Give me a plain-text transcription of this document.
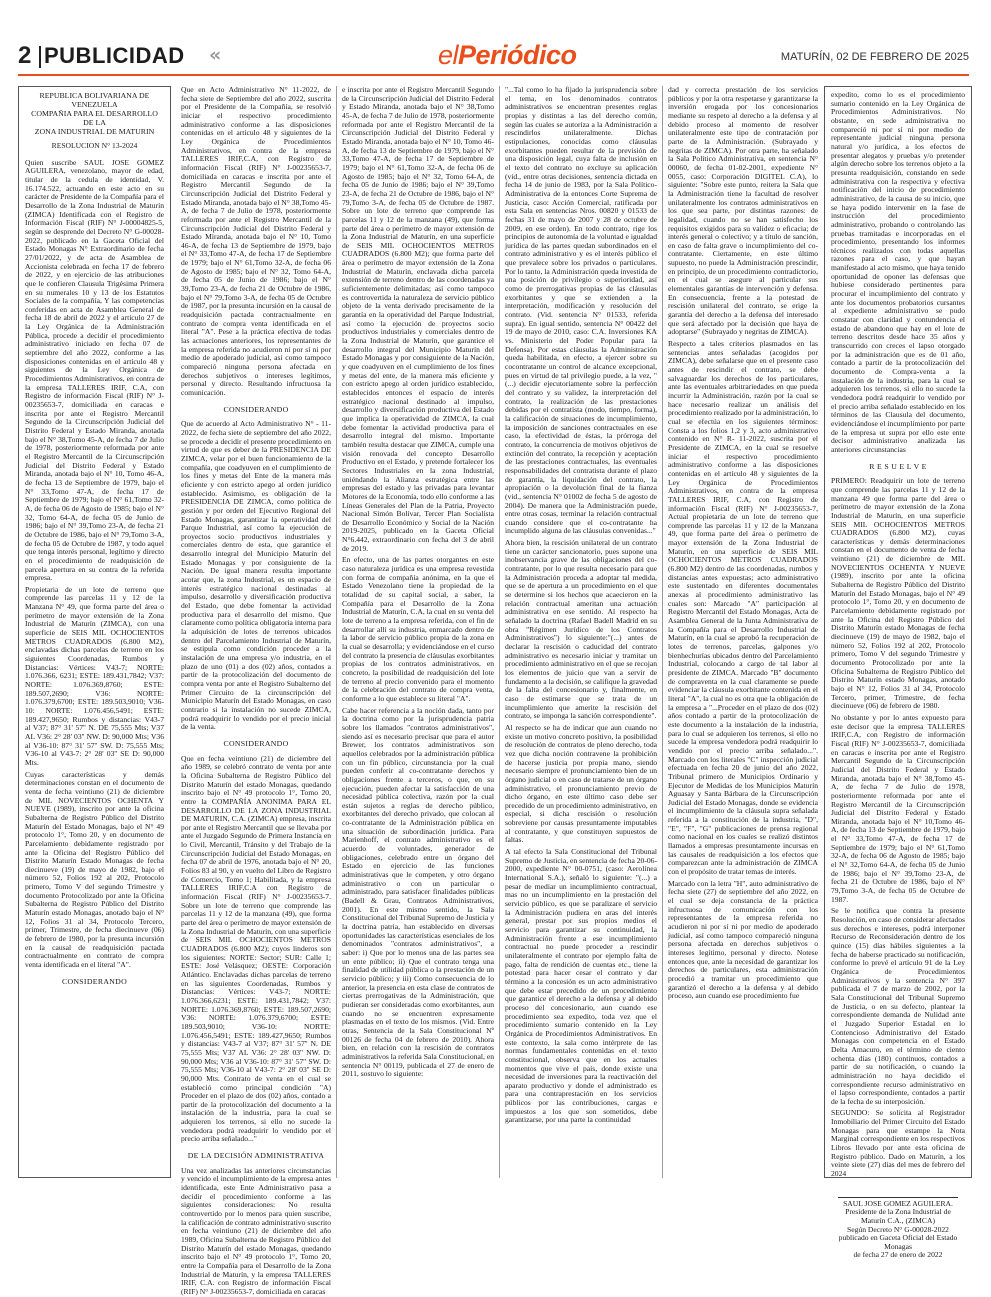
2 PUBLICIDAD «	elPeriódico	MATURÍN, 02 DE FEBRERO DE 2025
REPUBLICA BOLIVARIANA DE
VENEZUELA
COMPAÑIA PARA EL DESARROLLO
DE LA
ZONA INDUSTRIAL DE MATURIN
RESOLUCION N° 13-2024

Quien suscribe SAUL JOSE GOMEZ AGUILERA, venezolano, mayor de edad, titular de la cedula de identidad, V. 16.174.522, actuando en este acto en su carácter de Presidente de la Compañía para el Desarrollo de la Zona Industrial de Maturín (ZIMCA) Identificada con el Registro de Información Fiscal (RIF) N° J-00004825-5, según se desprende del Decreto N° G-00028-2022, publicado en la Gaceta Oficial del Estado Monagas N° Extraordinario de fecha 27/01/2022, y de acta de Asamblea de Accionista celebrada en fecha 17 de febrero de 2022, y en ejercicio de las atribuciones que le confieren Clausula Trigésima Primera en su numerales 10 y 13 de los Estatutos Sociales de la compañía, Y las competencias conferidas en acta de Asamblea General de fecha 18 de abril de 2022 y el artículo 27 de la Ley Orgánica de la Administración Pública, procede a decidir el procedimiento administrativo iniciado en fecha 07 de septiembre del año 2022, conforme a las disposiciones contenidas en el artículo 48 y siguientes de la Ley Orgánica de Procedimientos Administrativos, en contra de la empresa TALLERES IRIF, C.A, con Registro de información Fiscal (RIF) N° J-00235653-7, domiciliada en caracas e inscrita por ante el Registro Mercantil Segundo de la Circunscripción Judicial del Distrito Federal y Estado Miranda, anotada bajo el N° 38,Tomo 45-A, de fecha 7 de Julio de 1978, posteriormente reformada por ante el Registro Mercantil de la Circunscripción Judicial del Distrito Federal y Estado Miranda, anotada bajo el N° 10, Tomo 46-A, de fecha 13 de Septiembre de 1979, bajo el N° 33,Tomo 47-A, de fecha 17 de Septiembre de 1979; bajo el N° 61,Tomo 32-A, de fecha 06 de Agosto de 1985; bajo el N° 32, Tomo 64-A, de fecha 05 de Junio de 1986; bajo el N° 39,Tomo 23-A, de fecha 21 de Octubre de 1986, bajo el N° 79,Tomo 3-A, de fecha 05 de Octubre de 1987, y todo aquel que tenga interés personal, legítimo y directo en el procedimiento de readquisición de parcela apertura en su contra de la referida empresa.

Propietaria de un lote de terreno que comprende las parcelas 11 y 12 de la Manzana N° 49, que forma parte del área o perímetro de mayor extensión de la Zona Industrial de Maturín (ZIMCA), con una superficie de SEIS MIL OCHOCIENTOS METROS CUADRADOS (6.800 M2), enclavadas dichas parcelas de terreno en los siguientes Coordenadas, Rumbos y Distancias: Vértices: V43-7; NORTE: 1.076.366, 6231; ESTE: 189.431,7842; V37: NORTE: 1.076.369,8760; ESTE: 189.507,2690; V36: NORTE: 1.076.379,6700; ESTE: 189.503,9010; V36-10: NORTE: 1.076.456,5491; ESTE: 189.427,9650; Rumbos y distancias: V43-7 al V37; 87° 31' 57'' N. DE 75,555 Mts; V37 AL V36: 2° 28' 03'' NW. D: 90,000 Mts; V36 al V36-10: 87° 31' 57'' SW. D: 75,555 Mts; V36-10 al V43-7: 2° 28' 03'' SE D: 90,000 Mts.

Cuyas características y demás determinaciones constan en el documento de venta de fecha veintiuno (21) de diciembre de MIL NOVECIENTOS OCHENTA Y NUEVE (1989), inscrito por ante la oficina Subalterna de Registro Público del Distrito Maturín del Estado Monagas, bajo el N° 49 protocolo 1°, Tomo 20, y en documento de Parcelamiento debidamente registrado por ante la Oficina del Registro Público del Distrito Maturín Estado Monagas de fecha diecinueve (19) de mayo de 1982, bajo el número 52, Folios 192 al 202, Protocolo primero, Tomo V del segundo Trimestre y documento Protocolizado por ante la Oficina Subalterna de Registro Público del Distrito Maturín estado Monagas, anotado bajo el N° 12, Folios 31 al 34, Protocolo Tercero, primer, Trimestre, de fecha diecinueve (06) de febrero de 1980, por la presunta incursión en la causal de readquisición pactada contractualmente en contrato de compra venta identificada en el literal "A".

CONSIDERANDO

Que en Acto Administrativo N° 11-2022, de fecha siete de Septiembre del año 2022, suscrita por el Presidente de la Compañía, se resolvió iniciar el respectivo procedimiento administrativo conforme a las disposiciones contenidas en el artículo 48 y siguientes de la Ley Orgánica de Procedimientos Administrativos, en contra de la empresa TALLERES IRIF,C.A, con Registro de información Fiscal (RIF) N° J-00235653-7, domiciliada en caracas e inscrita por ante el Registro Mercantil Segundo de la Circunscripción Judicial del Distrito Federal y Estado Miranda, anotada bajo el N° 38,Tomo 45-A, de fecha 7 de Julio de 1978, posteriormente reformada por ante el Registro Mercantil de la Circunscripción Judicial del Distrito Federal y Estado Miranda, anotada bajo el N° 10, Tomo 46-A, de fecha 13 de Septiembre de 1979, bajo el N° 33,Tomo 47-A, de fecha 17 de Septiembre de 1979; bajo el N° 61,Tomo 32-A, de fecha 06 de Agosto de 1985; bajo el N° 32, Tomo 64-A, de fecha 05 de Junio de 1986; bajo el N° 39,Tomo 23-A, de fecha 21 de Octubre de 1986, bajo el N° 79,Tomo 3-A, de fecha 05 de Octubre de 1987, por la presunta incursión en la causal de readquisición pactada contractualmente en contrato de compra venta identificada en el literal "A". Pese a la práctica efectiva de todas las actuaciones anteriores, los representantes de la empresa referida no acudieron ni por sí ni por medio de apoderado judicial, así como tampoco compareció ninguna persona afectada en derechos subjetivos o intereses legítimos, personal y directo. Resultando infructuosa la comunicación.

CONSIDERANDO

Que de acuerdo al Acto Administrativo N° - 11-2022, de fecha siete de septiembre del año 2022, se procede a decidir el presente procedimiento en virtud de que es deber de la PRESIDENCIA DE ZIMCA, velar por el buen funcionamiento de la compañía, que coadyuven en el cumplimiento de los fines y metas del Ente de la manera más eficiente y con estricto apego al orden jurídico establecido. Asimismo, es obligación de la PRESIDENCIA DE ZIMCA, como política de gestión y por orden del Ejecutivo Regional del Estado Monagas, garantizar la operatividad del Parque Industrial, así como la ejecución de proyectos socio productivos industriales y comerciales dentro de esta, que garantice el desarrollo integral del Municipio Maturín del Estado Monagas y por consiguiente de la Nación. De igual manera resulta importante acotar que, la zona Industrial, es un espacio de interés estratégico nacional destinadas al impulso, desarrollo y diversificación productiva del Estado, que debe fomentar la actividad productiva para el desarrollo del mismo. Que claramente como política obligatoria interna para la adquisición de lotes de terrenos ubicados dentro del Parcelamiento Industrial de Maturín, se estipula como condición proceder a la instalación de una empresa y/o industria, en el plazo de uno (01) a dos (02) años, contados a partir de la protocolización del documento de compra venta por ante el Registro Subalterno del Primer Circuito de la circunscripción del Municipio Maturín del Estado Monagas, en caso contrario si la instalación no sucede ZIMCA, podrá readquirir lo vendido por el precio inicial de la venta.

CONSIDERANDO

Que en fecha veintiuno (21) de diciembre del año 1989, se celebró contrato de venta por ante la Oficina Subalterna de Registro Público del Distrito Maturín del estado Monagas, quedando inscrito bajo el N° 49 protocolo 1°, Tomo 20, entre la COMPAÑÍA ANONIMA PARA EL DESARROLLO DE LA ZONA INDUSTRIAL DE MATURIN, C.A. (ZIMCA) empresa, inscrita por ante el Registro Mercantil que se llevaba por ante el Juzgado Segundo de Primera Instancia en lo Civil, Mercantil, Tránsito y del Trabajo de la Circunscripción Judicial del Estado Monagas, en fecha 07 de abril de 1976, anotada bajo el N° 20, Folios 83 al 90, y en vuelto del Libro de Registro de Comercio, Tomo 1; Habilitada, y la empresa TALLERES IRIF,C.A con Registro de información Fiscal (RIF) N° J-00235653-7. Sobre un lote de terreno que comprende las parcelas 11 y 12 de la manzana (49), que forma parte del área o perímetro de mayor extensión de la Zona Industrial de Maturín, con una superficie de SEIS MIL OCHOCIENTOS METROS CUADRADOS (6.800 M2); cuyos linderos son los siguientes: NORTE: Sector; SUR: Calle 1; ESTE: José Velásquez; OESTE: Corporación Atlántico. Enclavadas dichas parcelas de terreno en las siguientes Coordenadas, Rumbos y Distancias: Vértices: V43-7; NORTE: 1.076.366,6231; ESTE: 189.431,7842; V37: NORTE: 1.076.369,8760; ESTE: 189.507,2690; V36: NORTE: 1.076.379,6700; ESTE: 189.503,9010; V36-10: NORTE: 1.076.456,5491; ESTE: 189.427,9650; Rumbos y distancias: V43-7 al V37; 87° 31' 57'' N. DE 75,555 Mts; V37 AL V36: 2° 28' 03'' NW. D: 90,000 Mts; V36 al V36-10: 87° 31' 57'' SW. D: 75,555 Mts; V36-10 al V43-7: 2° 28' 03'' SE D: 90,000 Mts. Contrato de venta en el cual se estableció como principal condición "A) Proceder en el plazo de dos (02) años, contado a partir de la protocolización del documento a la instalación de la industria, para la cual se adquieren los terrenos, si ello no sucede la vendedora podrá readquirir lo vendido por el precio arriba señalado..."

DE LA DECISIÓN ADMINISTRATIVA

Una vez analizadas las anteriores circunstancias y vencido el incumplimiento de la empresa antes identificada, este Ente Administrativo pasa a decidir el procedimiento conforme a las siguientes consideraciones: No resulta controvertido por lo menos para quien suscribe, la calificación de contrato administrativo suscrito en fecha veintiuno (21) de diciembre del año 1989, Oficina Subalterna de Registro Público del Distrito Maturín del estado Monagas, quedando inscrito bajo el N° 49 protocolo 1°, Tomo 20, entre la Compañía para el Desarrollo de la Zona Industrial de Maturín, y la empresa TALLERES IRIF, C.A. con Registro de información Fiscal (RIF) N° J-00235653-7, domiciliada en caracas

e inscrita por ante el Registro Mercantil Segundo de la Circunscripción Judicial del Distrito Federal y Estado Miranda, anotada bajo el N° 38,Tomo 45-A, de fecha 7 de Julio de 1978, posteriormente reformada por ante el Registro Mercantil de la Circunscripción Judicial del Distrito Federal y Estado Miranda, anotada bajo el N° 10, Tomo 46-A, de fecha 13 de Septiembre de 1979, bajo el N° 33,Tomo 47-A, de fecha 17 de Septiembre de 1979; bajo el N° 61,Tomo 32-A, de fecha 06 de Agosto de 1985; bajo el N° 32, Tomo 64-A, de fecha 05 de Junio de 1986; bajo el N° 39,Tomo 23-A, de fecha 21 de Octubre de 1986, bajo el N° 79,Tomo 3-A, de fecha 05 de Octubre de 1987. Sobre un lote de terreno que comprende las parcelas 11 y 12 de la manzana (49), que forma parte del área o perímetro de mayor extensión de la Zona Industrial de Maturín, en una superficie de SEIS MIL OCHOCIENTOS METROS CUADRADOS (6.800 M2); que forma parte del área o perímetro de mayor extensión de la Zona Industrial de Maturín, enclavada dicha parcela extensión de terreno dentro de las coordenadas ya suficientemente delimitadas; así como tampoco es controvertida la naturaleza de servicio público objeto de la venta derivado precisamente de la garantía en la operatividad del Parque Industrial, así como la ejecución de proyectos socio productivos industriales y comerciales dentro de la Zona Industrial de Maturín, que garantice el desarrollo integral del Municipio Maturín del Estado Monagas y por consiguiente de la Nación, y que coadyuven en el cumplimiento de los fines y metas del ente, de la manera más eficiente y con estricto apego al orden jurídico establecido, establecidos entonces el espacio de interés estratégico nacional destinado al impulso, desarrollo y diversificación productiva del Estado que implica la operatividad de ZIMCA, la cual debe fomentar la actividad productiva para el desarrollo integral del mismo. Importante también resulta destacar que ZIMCA, cumple una visión renovada del concepto Desarrollo Productivo en el Estado, y pretende fortalecer los Sectores Industriales en la zona Industrial, uniéndando la Alianza estratégica entre las empresas del estado y las privadas para levantar Motores de la Economía, todo ello conforme a las Líneas Generales del Plan de la Patria, Proyecto Nacional Simón Bolívar, Tercer Plan Socialista de Desarrollo Económico y Social de la Nación 2019-2025, publicado en la Gaceta Oficial N°6.442, extraordinario con fecha del 3 de abril de 2019.

En efecto, una de las partes otorgantes en este caso naturaleza jurídica es una empresa revestida con forma de compañía anónima, en la que el Estado Venezolano tiene la propiedad de la totalidad de su capital social, a saber, la Compañía para el Desarrollo de la Zona Industrial de Maturín, C.A, la cual en su venta del lote de terreno a la empresa referida, con el fin de desarrollar allí su industria, enmarcado dentro de la labor de servicio público propia de la zona en la cual se desarrolla; y evidenciándose en el curso del contrato la presencia de cláusulas exorbitantes propias de los contratos administrativos, en concreto, la posibilidad de readquisición del lote de terreno al precio convenido para el momento de la celebración del contrato de compra venta, conforme a lo que establece su literal "A".

Cabe hacer referencia a la noción dada, tanto por la doctrina como por la jurisprudencia patria sobre los llamados "contratos administrativos", siendo así es necesario precisar que para el autor Brewer, los contratos administrativos son aquellos celebrados por la administración pública con un fin público, circunstancia por la cual pueden conferir al co-contratante derechos y obligaciones frente a terceros, o que, en su ejecución, pueden afectar la satisfacción de una necesidad pública colectiva, razón por la cual están sujetos a reglas de derecho público, exorbitantes del derecho privado, que colocan al co-contratante de la Administración pública en una situación de subordinación jurídica. Para Marienhoff, el contrato administrativo es el acuerdo de voluntades, generador de obligaciones, celebrado entre un órgano del Estado en ejercicio de las funciones administrativas que le competen, y otro órgano administrativo o con un particular o administrado, para satisfacer finalidades públicas (Badell & Grau, Contratos Administrativos, 2001). En este mismo sentido, la Sala Constitucional del Tribunal Supremo de Justicia y la doctrina patria, han establecido en diversas oportunidades las características esenciales de los denominados "contratos administrativos", a saber: i) Que por lo menos una de las partes sea un ente público; ii) Que el contrato tenga una finalidad de utilidad pública o la prestación de un servicio público; y iii) Como consecuencia de lo anterior, la presencia en esta clase de contratos de ciertas prerrogativas de la Administración, que pudieran ser consideradas como exorbitantes, aun cuando no se encuentren expresamente plasmadas en el texto de los mismos. (Vid. Entre otras, Sentencia de la Sala Constitucional Nº 00126 de fecha 04 de febrero de 2010). Ahora bien, en relación con la rescisión de contratos administrativos la referida Sala Constitucional, en sentencia N° 00119, publicada el 27 de enero de 2011, sostuvo lo siguiente:

"...Tal como lo ha fijado la jurisprudencia sobre el tema, en los denominados contratos administrativos se encuentran presentes reglas propias y distintas a las del derecho común, según las cuales se autoriza a la Administración a rescindirlos unilateralmente. Dichas estipulaciones, conocidas como cláusulas exorbitantes pueden resultar de la previsión de una disposición legal, cuya falta de inclusión en el texto del contrato no excluye su aplicación (vid., entre otras decisiones, sentencia dictada en fecha 14 de junio de 1983, por la Sala Político-Administrativa de la entonces Corte Suprema de Justicia, caso: Acción Comercial, ratificada por esta Sala en sentencias Nros. 00820 y 01533 de fechas 31 de mayo de 2007 y 28 de octubre de 2009, en ese orden). En todo contrato, rige los principios de autonomía de la voluntad e igualdad jurídica de las partes quedan subordinados en el contrato administrativo y es el interés público el que prevalece sobre los privados o particulares. Por lo tanto, la Administración queda investida de una posición de privilegio o superioridad, así como de prerrogativas propias de las cláusulas exorbitantes y que se extienden a la interpretación, modificación y resolución del contrato. (Vid. sentencia N° 01533, referida supra). En igual sentido, sentencia N° 00422 del 19 de mayo de 2010, caso: C.A. Inversiones KA vs. Ministerio del Poder Popular para la Defensa). Por estas cláusulas la Administración queda habilitada, en efecto, a ejercer sobre su cocontratante un control de alcance excepcional, pues en virtud de tal privilegio puede, a la vez, "(...) decidir ejecutoriamente sobre la perfección del contrato y su validez, la interpretación del contrato, la realización de las prestaciones debidas por el contratista (modo, tiempo, forma), la calificación de situaciones de incumplimiento, la imposición de sanciones contractuales en ese caso, la efectividad de éstas, la prórroga del contrato, la concurrencia de motivos objetivos de extinción del contrato, la recepción y aceptación de las prestaciones contractuales, las eventuales responsabilidades del contratista durante el plazo de garantía, la liquidación del contrato, la apropiación o la devolución final de la fianza (vid., sentencia N° 01002 de fecha 5 de agosto de 2004). De manera que la Administración puede, entre otras cosas, terminar la relación contractual cuando considere que el co-contratante ha incumplido alguna de las cláusulas convenidas..."

Ahora bien, la rescisión unilateral de un contrato tiene un carácter sancionatorio, pues supone una inobservancia grave de las obligaciones del co-contratante, por lo que resulta necesario para que la Administración proceda a adoptar tal medida, que se de apertura a un procedimiento en el que se determine si los hechos que acaecieron en la relación contractual ameritan una actuación administrativa en ese sentido. Al respecto ha señalado la doctrina (Rafael Badell Madrid en su obra "Régimen Jurídico de los Contratos Administrativos") lo siguiente:"(...) antes de declarar la rescisión o caducidad del contrato administrativo es necesario iniciar y tramitar un procedimiento administrativo en el que se recojan los elementos de juicio que van a servir de fundamento a la decisión, se califique la gravedad de la falta del concesionario y, finalmente, en caso de estimarse que se trata de un incumplimiento que amerite la rescisión del contrato, se imponga la sanción correspondiente".

Al respecto se ha de indicar que aun cuando no existe un motivo concreto positivo, la posibilidad de resolución de contratos de pleno derecho, toda vez que dicha noción contravene la prohibición de hacerse justicia por propia mano, siendo necesario siempre el pronunciamiento bien de un órgano judicial o en caso de tratarse de un órgano administrativo, el pronunciamiento previo de dicho órgano, en este último caso debe ser precedido de un procedimiento administrativo, en especial, si dicha rescisión o resolución sobreviene por causas presuntamente imputables al contratante, y que constituyen supuestos de faltas.

A tal efecto la Sala Constitucional del Tribunal Supremo de Justicia, en sentencia de fecha 20-06-2000, expediente N° 00-0751, (caso: Aerolínea International S.A.), señaló lo siguiente: "(...) a pesar de mediar un incumplimiento contractual, mas no un incumplimiento en la prestación del servicio público, es que se paralizare el servicio la Administración pudiera en aras del interés general, prestar por sus propios medios el servicio para garantizar su continuidad, la Administración frente a ese incumplimiento contractual no puede proceder a rescindir unilateralmente el contrato por ejemplo falta de pago, falta de rendición de cuentas etc., tiene la potestad para hacer cesar el contrato y dar término a la concesión es un acto administrativo que debe estar precedido de un procedimiento que garantice el derecho a la defensa y al debido proceso del concesionario, aun cuando ese procedimiento sea expedito, toda vez que el procedimiento sumario contenido en la Ley Orgánica de Procedimientos Administrativos. En este contexto, la sala como intérprete de las normas fundamentales contenidas en el texto constitucional, observa que en los actuales momentos que vive el país, donde existe una necesidad de inversiones para la reactivación del aparato productivo y donde el administrado es para una contraprestación en los servicios públicos por las contribuciones, cargas e impuestos a los que son sometidos, debe garantizarse, por una parte la continuidad

dad y correcta prestación de los servicios públicos y por la otra respetarse y garantizarse la inversión erogada por los concesionarios mediante su respeto al derecho a la defensa y al debido proceso al momento de resolver unilateralmente este tipo de contratación por parte de la Administración. (Subrayado y negritas de ZIMCA). Por otra parte, ha señalado la Sala Político Administrativa, en sentencia N° 00060, de fecha 01-02-2001, expediente N° 0055, caso: Corporación DIGITEL C.A), lo siguiente: "Sobre este punto, reitera la Sala que la Administración tiene la facultad de resolver unilateralmente los contratos administrativos en los que sea parte, por distintas razones: de legalidad, cuando no se han satisfecho los requisitos exigidos para su validez o eficacia; de interés general o colectivo; y a título de sanción, en caso de falta grave o incumplimiento del co-contratante. Ciertamente, en este último supuesto, no puede la Administración prescindir, en principio, de un procedimiento contradictorio, en el cual se asegure al particular sus elementales garantías de intervención y defensa. En consecuencia, frente a la potestad de rescisión unilateral del contrato, se erige la garantía del derecho a la defensa del interesado que será afectado por la decisión que haya de adoptarse" (Subrayado y negritas de ZIMCA).

Respecto a tales criterios plasmados en las sentencias antes señaladas (acogidos por ZIMCA), debe señalarse que en el presente caso antes de rescindir el contrato, se debe salvaguardar los derechos de los particulares, ante las eventuales arbitrariedades en que pueda incurrir la Administración, razón por la cual se hace necesario realizar un análisis del procedimiento realizado por la administración, lo cual se efectúa en los siguientes términos: Consta a los folios 1,2 y 3, acto administrativo contenido en N° R- 11-2022, suscrita por el Presidente de ZIMCA, en la cual se resuelve iniciar el respectivo procedimiento administrativo conforme a las disposiciones contenidas en el artículo 48 y siguientes de la Ley Orgánica de Procedimientos Administrativos, en contra de la empresa TALLERES IRIF, C.A, con Registro de información Fiscal (RIF) N° J-00235653-7, Actual propietaria de un lote de terreno que comprende las parcelas 11 y 12 de la Manzana 49, que forma parte del área o perímetro de mayor extensión de la Zona Industrial de Maturín, en una superficie de SEIS MIL OCHOCIENTOS METROS CUADRADOS (6.800 M2) dentro de las coordenadas, rumbos y distancias antes expuestas; acto administrativo este sustentado en diferentes documentales anexas al procedimiento administrativo las cuales son: Marcado "A" participación al Registro Mercantil del Estado Monagas, Acta de Asamblea General de la Junta Administrativa de la Compañía para el Desarrollo Industrial de Maturín, en la cual se aprobó la recuperación de lotes de terrenos, parcelas, galpones y/o bienhechurías ubicados dentro del Parcelamiento Industrial, colocando a cargo de tal labor al presidente de ZIMCA. Marcado "B" documento de compraventa en la cual claramente se puede evidenciar la cláusula exorbitante contenida en el literal "A", la cual no es otra que la obligación de la empresa a "...Proceder en el plazo de dos (02) años contado a partir de la protocolización de este documento a la instalación de la industria, para lo cual se adquieren los terrenos, si ello no sucede la empresa vendedora podrá readquirir lo vendido por el precio arriba señalado...". Marcado con los literales "C" inspección judicial efectuada en fecha 20 de junio del año 2022, Tribunal primero de Municipios Ordinario y Ejecutor de Medidas de los Municipios Maturín Aguasay y Santa Bárbara de la Circunscripción Judicial del Estado Monagas, donde se evidencia el incumplimiento de la cláusula supra señalada referida a la constitución de la industria, "D", "E", "F", "G" publicaciones de prensa regional como nacional en los cuales se realizó distintos llamados a empresas presuntamente incursas en las causales de readquisición a los efectos que comparezcan ante la administración de ZIMCA con el propósito de tratar temas de interés.

Marcado con la letra "H", auto administrativo de fecha siete (27) de septiembre del año 2022, en el cual se deja constancia de la práctica infructuosa de comunicación con los representantes de la empresa referida no acudieron ni por sí ni por medio de apoderado judicial, así como tampoco compareció ninguna persona afectada en derechos subjetivos o intereses legítimo, personal y directo. Notese entonces que, ante la necesidad de garantizar los derechos de particulares, esta administración procedió a tramitar un procedimiento que garantizó el derecho a la defensa y al debido proceso, aun cuando ese procedimiento fue

expedito, como lo es el procedimiento sumario contenido en la Ley Orgánica de Procedimientos Administrativos. No obstante, en sede administrativa no compareció ni por sí ni por medio de representante judicial ninguna persona natural y/o jurídica, a los efectos de presentar alegatos y pruebas y/o pretender algún derecho sobre los terrenos objeto a la presunta readquisición, constando en sede administrativa con la respectiva y efectiva notificación del inicio de procedimiento administrativo, de la causa de su inicio, que se haya podido intervenir en la fase de instrucción del procedimiento administrativo, probando o controlando las pruebas tramitadas e incorporadas en el procedimiento, presentando los informes técnicos realizados con todas aquellas razones para el caso, y que hayan manifestado al acto mismo, que haya tenido oportunidad de oponer las defensas que hubiese considerado pertinentes para procurar el incumplimiento del contrato y ante los documentos probatorios cursantes al expediente administrativo se pudo constatar con claridad y contundencia el estado de abandono que hay en el lote de terreno descritos desde hace 35 años y transcurrido con creces el lapso otorgado por la administración que es de 01 año, contado a partir de la protocolización del documento de Compra-venta a la instalación de la industria, para la cual se adquieren los terrenos, si ello no sucede la vendedora podrá readquirir lo vendido por el precio arriba señalado establecido en los términos de las Clausula del documento, evidenciándose el incumplimiento por parte de la empresa ut supra por ello este ente decisor administrativo analizada las anteriores circunstancias

R E S U E L V E

PRIMERO: Readquirir un lote de terreno que comprende las parcelas 11 y 12 de la manzana 49 que forma parte del área o perímetro de mayor extensión de la Zona Industrial de Maturín, en una superficie SEIS MIL OCHOCIENTOS METROS CUADRADOS (6.800 M2), cuyas características y demás determinaciones constan en el documento de venta de fecha veintiuno (21) de diciembre de MIL NOVECIENTOS OCHENTA Y NUEVE (1989), inscrito por ante la oficina Subalterna de Registro Público del Distrito Maturín del Estado Monagas, bajo el N° 49 protocolo 1°, Tomo 20, y en documento de Parcelamiento debidamente registrado por ante la Oficina del Registro Público del Distrito Maturín estado Monagas de fecha diecinueve (19) de mayo de 1982, bajo el número 52, Folios 192 al 202, Protocolo primero, Tomo V del segundo Trimestre y documento Protocolizado por ante la Oficina Subalterna de Registro Público del Distrito Maturín estado Monagas, anotado bajo el N° 12, Folios 31 al 34, Protocolo Tercero, primer, Trimestre, de fecha diecinueve (06) de febrero de 1980.

No obstante y por lo antes expuesto para este decisor que la empresa TALLERES IRIF,C.A, con Registro de información Fiscal (RIF) N° J-00235653-7, domiciliada en caracas e inscrita por ante el Registro Mercantil Segundo de la Circunscripción Judicial del Distrito Federal y Estado Miranda, anotada bajo el N° 38,Tomo 45-A, de fecha 7 de Julio de 1978, posteriormente reformada por ante el Registro Mercantil de la Circunscripción Judicial del Distrito Federal y Estado Miranda, anotada bajo el N° 10,Tomo 46-A, de fecha 13 de Septiembre de 1979, bajo el N° 33,Tomo 47-A, de fecha 17 de Septiembre de 1979; bajo el N° 61,Tomo 32-A, de fecha 06 de Agosto de 1985; bajo el N° 32,Tomo 64-A, de fecha 05 de Junio de 1986; bajo el N° 39,Tomo 23-A, de fecha 21 de Octubre de 1986, bajo el N° 79,Tomo 3-A, de fecha 05 de Octubre de 1987.

Se le notifica que contra la presente Resolución, en caso de considerar afectados sus derechos e intereses, podrá interponer Recurso de Reconsideración dentro de los quince (15) días hábiles siguientes a la fecha de haberse practicado su notificación, conforme lo prevé el artículo 91 de la Ley Orgánica de Procedimientos Administrativos y la sentencia N° 397 publicada el 7 de marzo de 2002, por la Sala Constitucional del Tribunal Supremo de Justicia, o en su defecto, plantear la correspondiente demanda de Nulidad ante el Juzgado Superior Estadal en lo Contencioso Administrativo del Estado Monagas con competencia en el Estado Delta Amacuro, en el término de ciento ochenta días (180) continuos, contados a partir de su notificación, o cuando la administración no haya decidido el correspondiente recurso administrativo en el lapso correspondiente, contados a partir de la fecha de su interposición.

SEGUNDO: Se solicita al Registrador Inmobiliario del Primer Circuito del Estado Monagas para que estampe la Nota Marginal correspondiente en los respectivos Libros llevado por ante esta oficina de Registro público. Dado en Maturín, a los veinte siete (27) días del mes de febrero del 2024

SAUL JOSE GOMEZ AGUILERA.
Presidente de la Zona Industrial de
Maturín C.A., (ZIMCA)
Según Decreto N° G-00028-2022
publicado en Gaceta Oficial del Estado Monagas
de fecha 27 de enero de 2022
